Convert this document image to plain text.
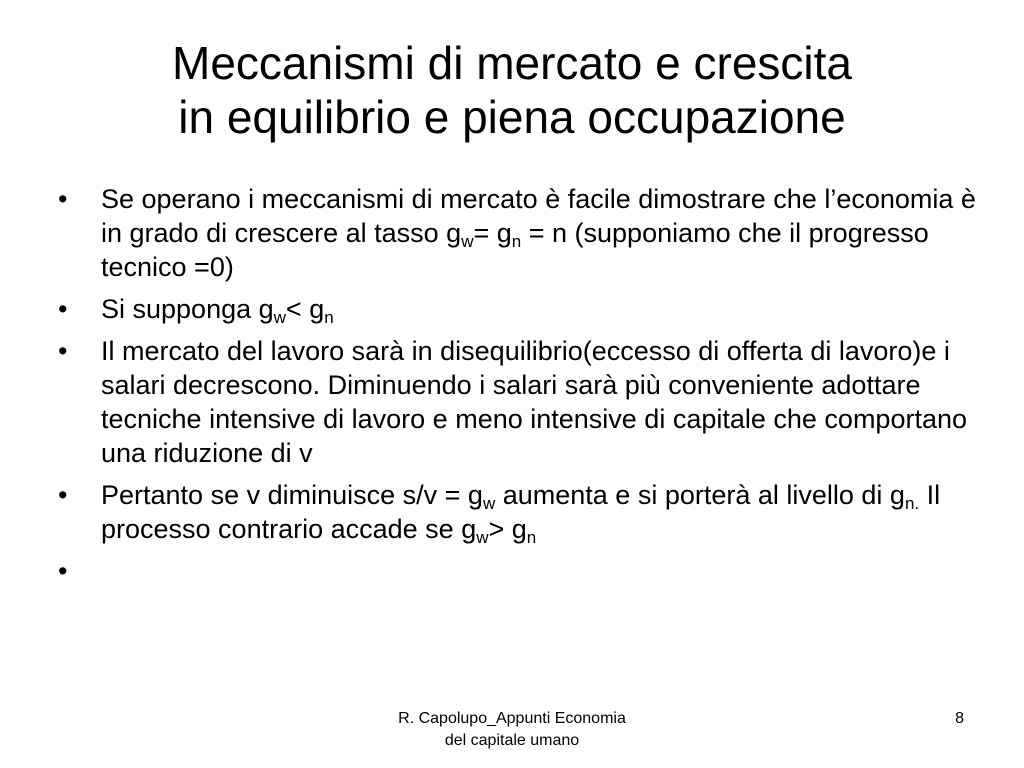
Meccanismi di mercato e crescita
in equilibrio e piena occupazione
• Se operano i meccanismi di mercato è facile dimostrare che l’economia è in grado di crescere al tasso $g_w= g_n = n$ (supponiamo che il progresso tecnico =0)
• Si supponga $g_w< g_n$
• Il mercato del lavoro sarà in disequilibrio(eccesso di offerta di lavoro)e i salari decrescono. Diminuendo i salari sarà più conveniente adottare tecniche intensive di lavoro e meno intensive di capitale che comportano una riduzione di v
• Pertanto se v diminuisce $s/v = g_w$ aumenta e si porterà al livello di $g_{n.}$ Il processo contrario accade se $g_w> g_n$
•
R. Capolupo_Appunti Economia
del capitale umano
8
